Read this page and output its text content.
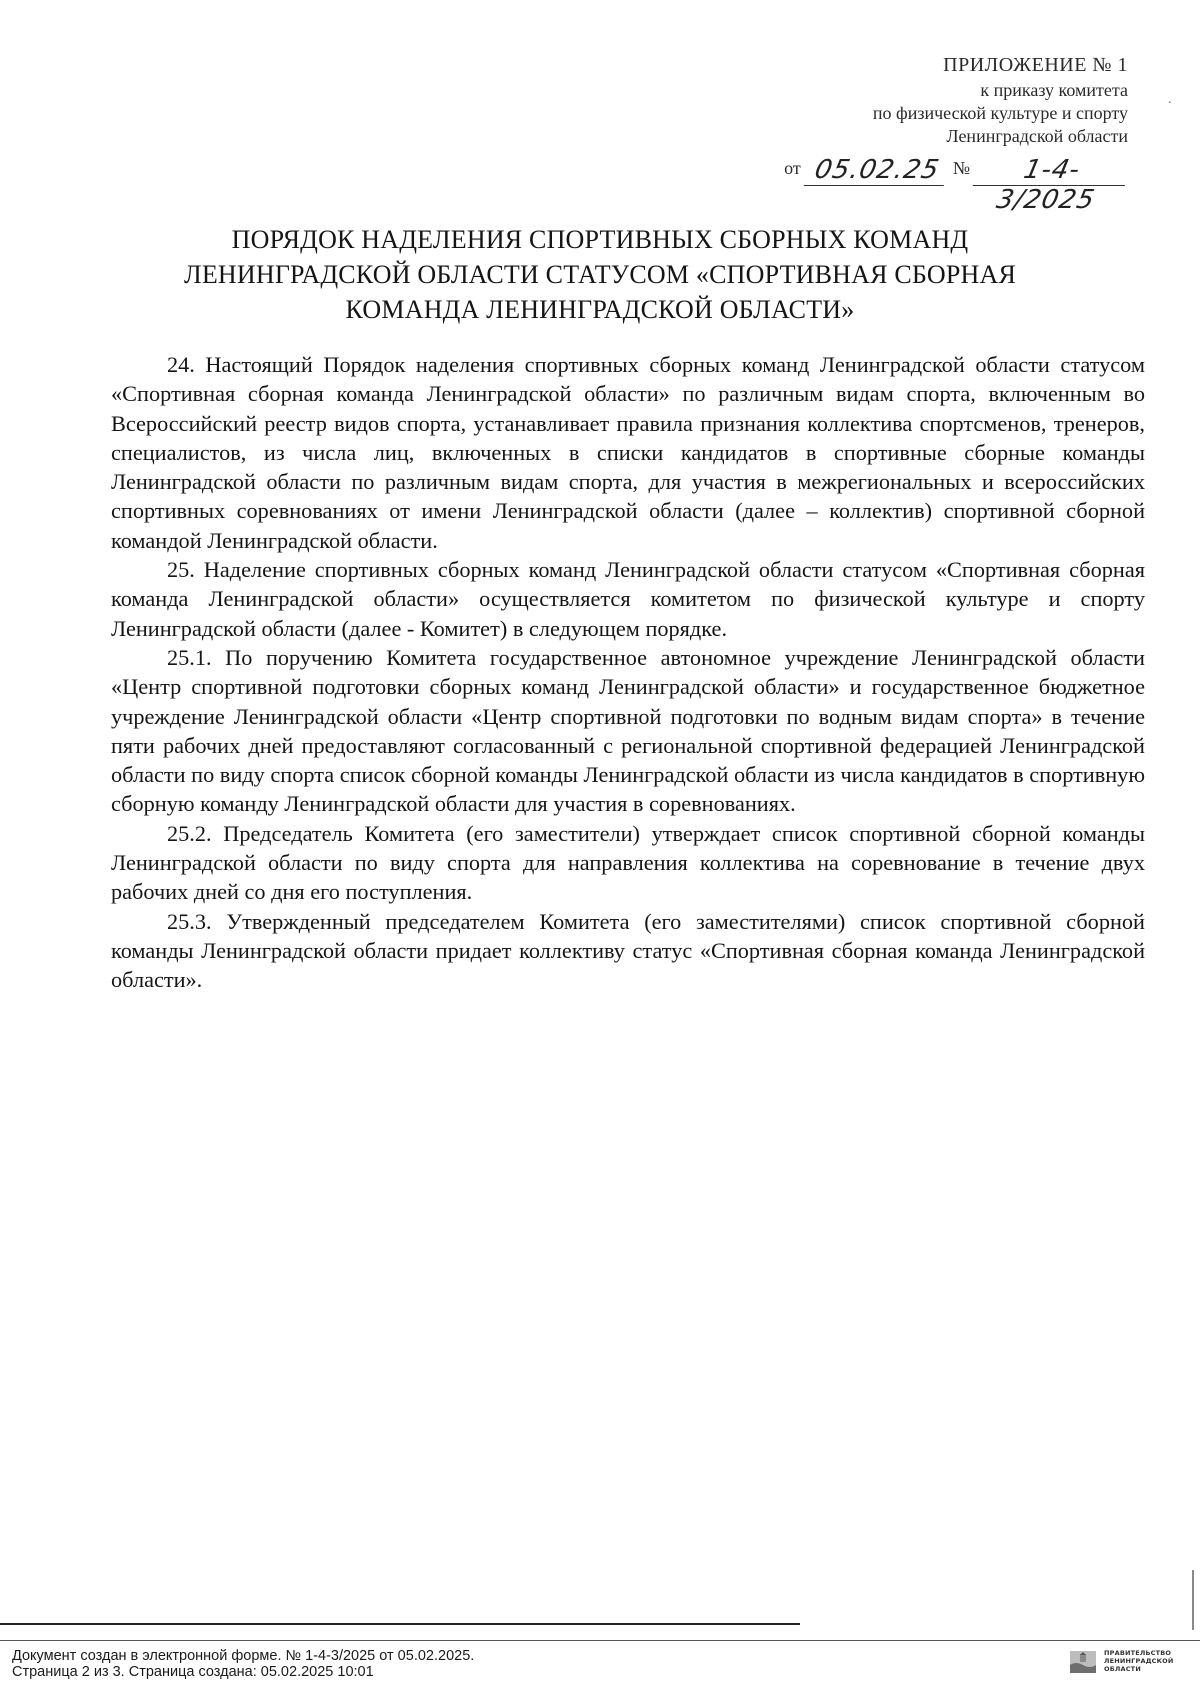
ПРИЛОЖЕНИЕ № 1
к приказу комитета
по физической культуре и спорту
Ленинградской области
от 05.02.25 № 1-4-3/2025
·
ПОРЯДОК НАДЕЛЕНИЯ СПОРТИВНЫХ СБОРНЫХ КОМАНД
ЛЕНИНГРАДСКОЙ ОБЛАСТИ СТАТУСОМ «СПОРТИВНАЯ СБОРНАЯ
КОМАНДА ЛЕНИНГРАДСКОЙ ОБЛАСТИ»

24. Настоящий Порядок наделения спортивных сборных команд Ленинградской области статусом «Спортивная сборная команда Ленинградской области» по различным видам спорта, включенным во Всероссийский реестр видов спорта, устанавливает правила признания коллектива спортсменов, тренеров, специалистов, из числа лиц, включенных в списки кандидатов в спортивные сборные команды Ленинградской области по различным видам спорта, для участия в межрегиональных и всероссийских спортивных соревнованиях от имени Ленинградской области (далее – коллектив) спортивной сборной командой Ленинградской области.

25. Наделение спортивных сборных команд Ленинградской области статусом «Спортивная сборная команда Ленинградской области» осуществляется комитетом по физической культуре и спорту Ленинградской области (далее - Комитет) в следующем порядке.

25.1. По поручению Комитета государственное автономное учреждение Ленинградской области «Центр спортивной подготовки сборных команд Ленинградской области» и государственное бюджетное учреждение Ленинградской области «Центр спортивной подготовки по водным видам спорта» в течение пяти рабочих дней предоставляют согласованный с региональной спортивной федерацией Ленинградской области по виду спорта список сборной команды Ленинградской области из числа кандидатов в спортивную сборную команду Ленинградской области для участия в соревнованиях.

25.2. Председатель Комитета (его заместители) утверждает список спортивной сборной команды Ленинградской области по виду спорта для направления коллектива на соревнование в течение двух рабочих дней со дня его поступления.

25.3. Утвержденный председателем Комитета (его заместителями) список спортивной сборной команды Ленинградской области придает коллективу статус «Спортивная сборная команда Ленинградской области».

Документ создан в электронной форме. № 1-4-3/2025 от 05.02.2025.
Страница 2 из 3. Страница создана: 05.02.2025 10:01
ПРАВИТЕЛЬСТВО
ЛЕНИНГРАДСКОЙ
ОБЛАСТИ
